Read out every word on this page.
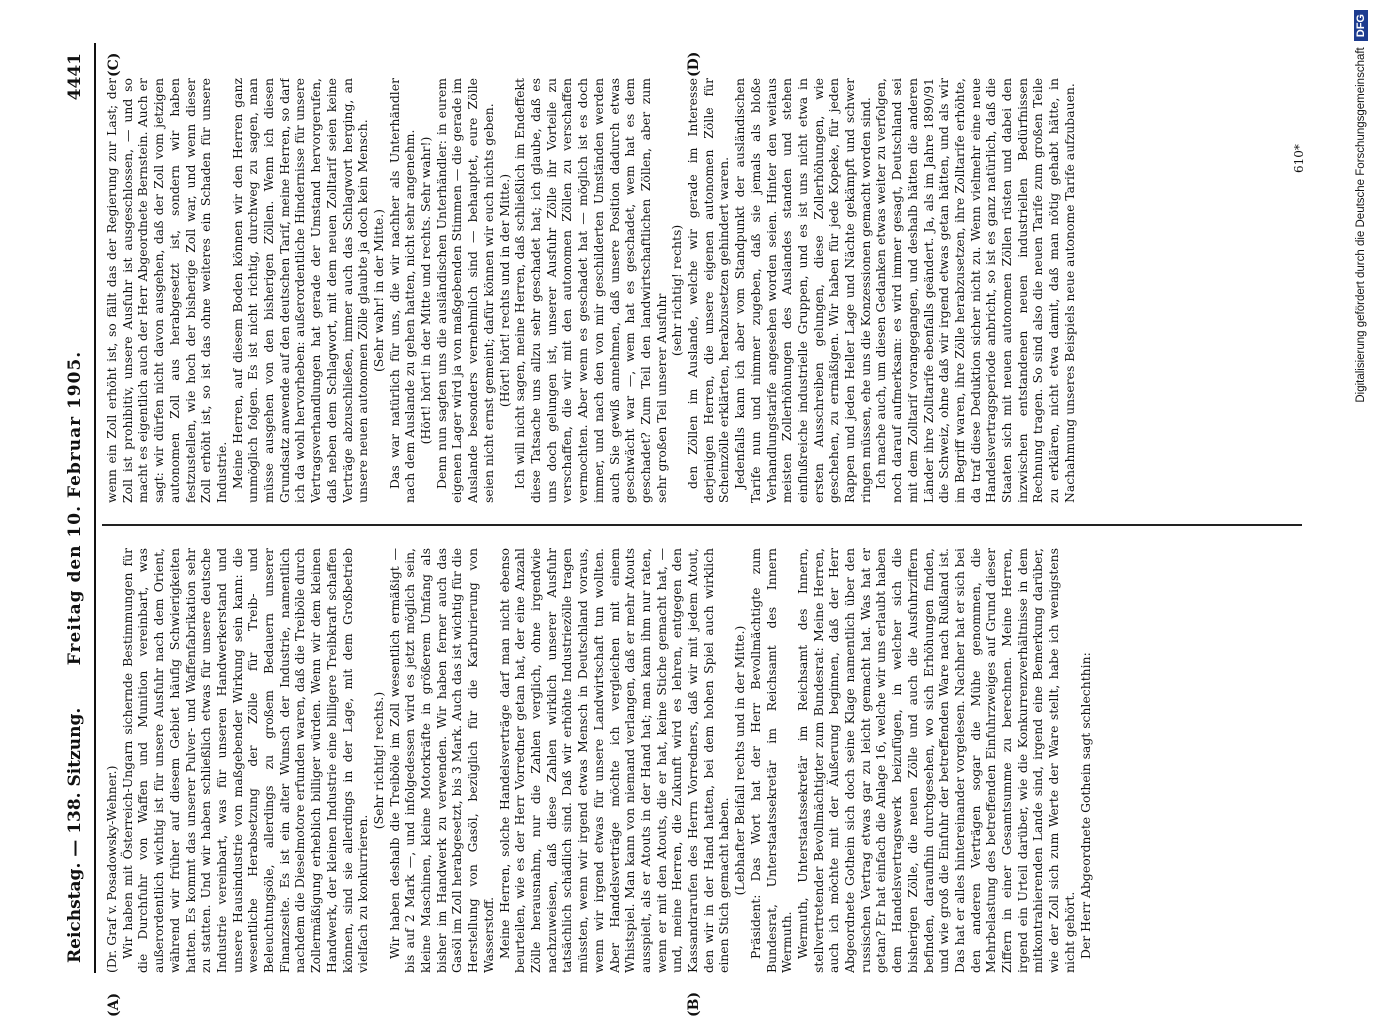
Reichstag. — 138. Sitzung.
Freitag den 10. Februar 1905.
4441

(Dr. Graf v. Posadowsky-Wehner.) Wir haben mit Österreich-Ungarn sichernde Bestimmungen für die Durchfuhr von Waffen und Munition vereinbart, was außerordentlich wichtig ist für unsere Ausfuhr nach dem Orient, während wir früher auf diesem Gebiet häufig Schwierigkeiten hatten. Es kommt das unserer Pulver- und Waffenfabrikation sehr zu statten. Und wir haben schließlich etwas für unsere deutsche Industrie vereinbart, was für unseren Handwerkerstand und unsere Hausindustrie von maßgebender Wirkung sein kann: die wesentliche Herabsetzung der Zölle für Treib- und Beleuchtungsöle, allerdings zu großem Bedauern unserer Finanzseite. Es ist ein alter Wunsch der Industrie, namentlich nachdem die Dieselmotore erfunden waren, daß die Treiböle durch Zollermäßigung erheblich billiger würden. Wenn wir dem kleinen Handwerk, der kleinen Industrie eine billigere Treibkraft schaffen können, sind sie allerdings in der Lage, mit dem Großbetrieb vielfach zu konkurrieren.

(Sehr richtig! rechts.) Wir haben deshalb die Treiböle im Zoll wesentlich ermäßigt — bis auf 2 Mark —, und infolgedessen wird es jetzt möglich sein, kleine Maschinen, kleine Motorkräfte in größerem Umfang als bisher im Handwerk zu verwenden. Wir haben ferner auch das Gasöl im Zoll herabgesetzt, bis 3 Mark. Auch das ist wichtig für die Herstellung von Gasöl, bezüglich für die Karburierung von Wasserstoff. Meine Herren, solche Handelsverträge darf man nicht ebenso beurteilen, wie es der Herr Vorredner getan hat, der eine Anzahl Zölle herausnahm, nur die Zahlen verglich, ohne irgendwie nachzuweisen, daß diese Zahlen wirklich unserer Ausfuhr tatsächlich schädlich sind. Daß wir erhöhte Industriezölle tragen müssten, wenn wir irgend etwas Mensch in Deutschland voraus, wenn wir irgend etwas für unsere Landwirtschaft tun wollten. Aber Handelsverträge möchte ich vergleichen mit einem Whistspiel. Man kann von niemand verlangen, daß er mehr Atouts ausspielt, als er Atouts in der Hand hat; man kann ihm nur raten, wenn er mit den Atouts, die er hat, keine Stiche gemacht hat, — und, meine Herren, die Zukunft wird es lehren, entgegen den Kassandrarufen des Herrn Vorredners, daß wir mit jedem Atout, den wir in der Hand hatten, bei dem hohen Spiel auch wirklich einen Stich gemacht haben. (Lebhafter Beifall rechts und in der Mitte.) Präsident: Das Wort hat der Herr Bevollmächtigte zum Bundesrat, Unterstaatssekretär im Reichsamt des Innern Wermuth. Wermuth, Unterstaatssekretär im Reichsamt des Innern, stellvertretender Bevollmächtigter zum Bundesrat: Meine Herren, auch ich möchte mit der Äußerung beginnen, daß der Herr Abgeordnete Gothein sich doch seine Klage namentlich über den russischen Vertrag etwas gar zu leicht gemacht hat. Was hat er getan? Er hat einfach die Anlage 16, welche wir uns erlaubt haben dem Handelsvertragswerk beizufügen, in welcher sich die bisherigen Zölle, die neuen Zölle und auch die Ausfuhrziffern befinden, daraufhin durchgesehen, wo sich Erhöhungen finden, und wie groß die Einfuhr der betreffenden Ware nach Rußland ist. Das hat er alles hintereinander vorgelesen. Nachher hat er sich bei den anderen Verträgen sogar die Mühe genommen, die Mehrbelastung des betreffenden Einfuhrzweiges auf Grund dieser Ziffern in einer Gesamtsumme zu berechnen. Meine Herren, irgend ein Urteil darüber, wie die Konkurrenzverhältnisse in dem mitkontrahierenden Lande sind, irgend eine Bemerkung darüber, wie der Zoll sich zum Werte der Ware stellt, habe ich wenigstens nicht gehört. Der Herr Abgeordnete Gothein sagt schlechthin:

wenn ein Zoll erhöht ist, so fällt das der Regierung zur Last; der Zoll ist prohibitiv, unsere Ausfuhr ist ausgeschlossen, — und so macht es eigentlich auch der Herr Abgeordnete Bernstein. Auch er sagt: wir dürfen nicht davon ausgehen, daß der Zoll vom jetzigen autonomen Zoll aus herabgesetzt ist, sondern wir haben festzustellen, wie hoch der bisherige Zoll war, und wenn dieser Zoll erhöht ist, so ist das ohne weiteres ein Schaden für unsere Industrie. Meine Herren, auf diesem Boden können wir den Herren ganz unmöglich folgen. Es ist nicht richtig, durchweg zu sagen, man müsse ausgehen von den bisherigen Zöllen. Wenn ich diesen Grundsatz anwende auf den deutschen Tarif, meine Herren, so darf ich da wohl hervorheben: außerordentliche Hindernisse für unsere Vertragsverhandlungen hat gerade der Umstand hervorgerufen, daß neben dem Schlagwort, mit dem neuen Zolltarif seien keine Verträge abzuschließen, immer auch das Schlagwort herging, an unsere neuen autonomen Zölle glaubte ja doch kein Mensch. (Sehr wahr! in der Mitte.) Das war natürlich für uns, die wir nachher als Unterhändler nach dem Auslande zu gehen hatten, nicht sehr angenehm. (Hört! hört! in der Mitte und rechts. Sehr wahr!) Denn nun sagten uns die ausländischen Unterhändler: in eurem eigenen Lager wird ja von maßgebenden Stimmen — die gerade im Auslande besonders vernehmlich sind — behauptet, eure Zölle seien nicht ernst gemeint; dafür können wir euch nichts geben. (Hört! hört! rechts und in der Mitte.) Ich will nicht sagen, meine Herren, daß schließlich im Endeffekt diese Tatsache uns allzu sehr geschadet hat; ich glaube, daß es uns doch gelungen ist, unserer Ausfuhr Zölle ihr Vorteile zu verschaffen, die wir mit den autonomen Zöllen zu verschaffen vermochten. Aber wenn es geschadet hat — möglich ist es doch immer, und nach den von mir geschilderten Umständen werden auch Sie gewiß annehmen, daß unsere Position dadurch etwas geschwächt war —, wem hat es geschadet, wem hat es dem geschadet? Zum Teil den landwirtschaftlichen Zöllen, aber zum sehr großen Teil unserer Ausfuhr

(sehr richtig! rechts) den Zöllen im Auslande, welche wir gerade im Interesse derjenigen Herren, die unsere eigenen autonomen Zölle für Scheinzölle erklärten, herabzusetzen gehindert waren. Jedenfalls kann ich aber vom Standpunkt der ausländischen Tarife nun und nimmer zugeben, daß sie jemals als bloße Verhandlungstarife angesehen worden seien. Hinter den weitaus meisten Zollerhöhungen des Auslandes standen und stehen einflußreiche industrielle Gruppen, und es ist uns nicht etwa in ersten Ausschreiben gelungen, diese Zollerhöhungen, wie geschehen, zu ermäßigen. Wir haben für jede Kopeke, für jeden Rappen und jeden Heller Lage und Nächte gekämpft und schwer ringen müssen, ehe uns die Konzessionen gemacht worden sind. Ich mache auch, um diesen Gedanken etwas weiter zu verfolgen, noch darauf aufmerksam: es wird immer gesagt, Deutschland sei mit dem Zolltarif vorangegangen, und deshalb hätten die anderen Länder ihre Zolltarife ebenfalls geändert. Ja, als im Jahre 1890/91 die Schweiz, ohne daß wir irgend etwas getan hätten, und als wir im Begriff waren, ihre Zölle herabzusetzen, ihre Zolltarife erhöhte, da traf diese Deduktion sicher nicht zu. Wenn vielmehr eine neue Handelsvertragsperiode anbricht, so ist es ganz natürlich, daß die Staaten sich mit neuen autonomen Zöllen rüsten und dabei den inzwischen entstandenen neuen industriellen Bedürfnissen Rechnung tragen. So sind also die neuen Tarife zum großen Teile zu erklären, nicht etwa damit, daß man nötig gehabt hätte, in Nachahmung unseres Beispiels neue autonome Tarife aufzubauen.

(A)	(B)
(C)	(D)
610*	Digitalisierung gefördert durch die Deutsche Forschungsgemeinschaft
DFG
